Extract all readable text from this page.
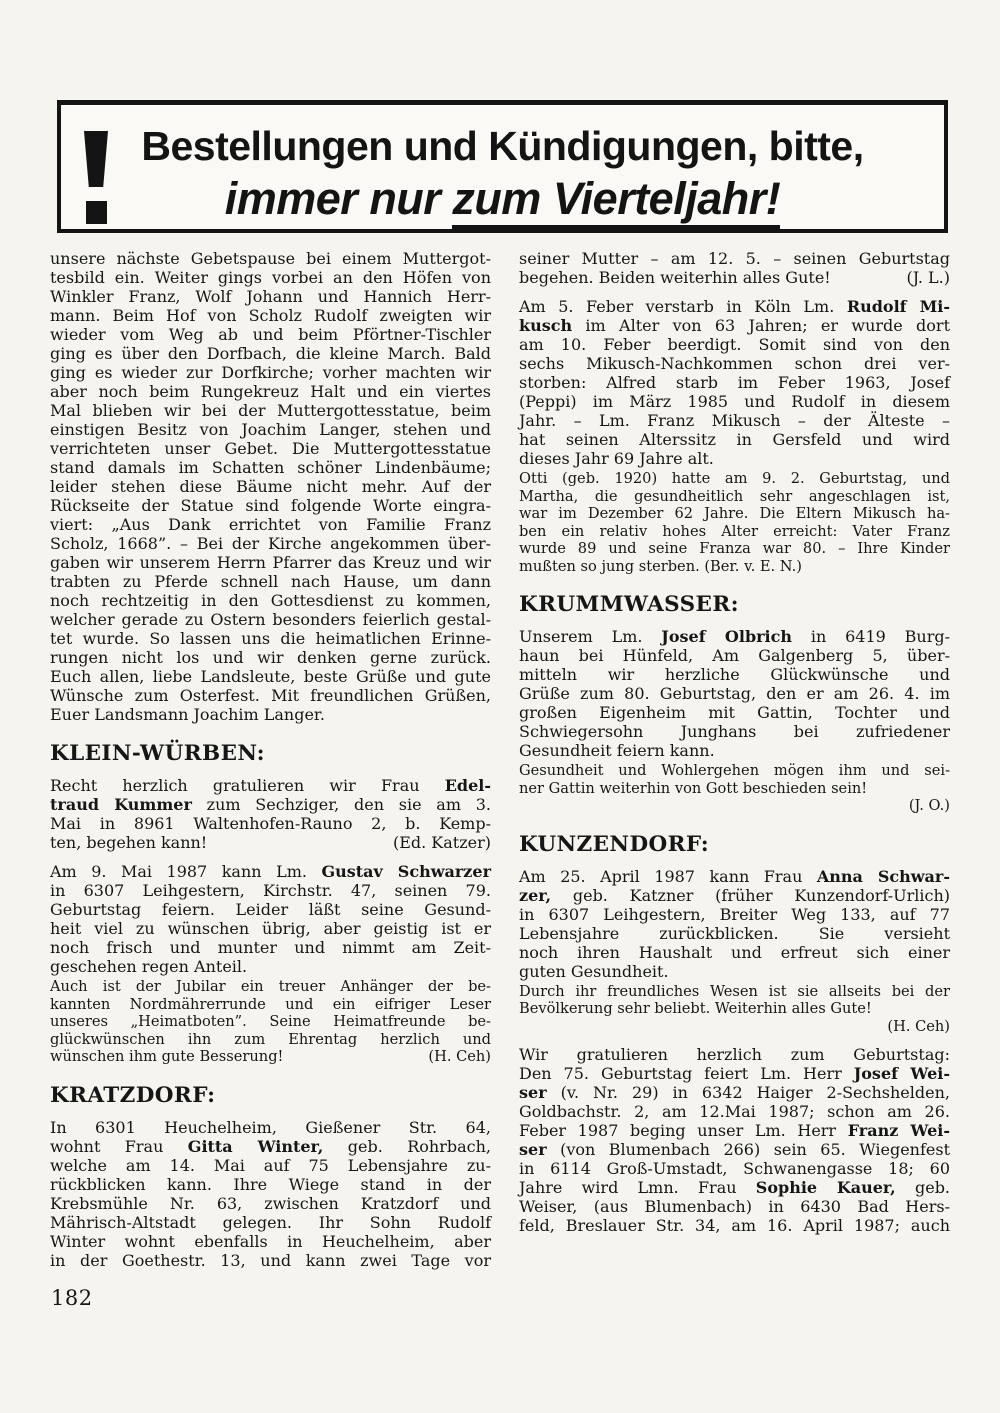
Bestellungen und Kündigungen, bitte,
immer nur zum Vierteljahr!
unsere nächste Gebetspause bei einem Muttergot-
tesbild ein. Weiter gings vorbei an den Höfen von
Winkler Franz, Wolf Johann und Hannich Herr-
mann. Beim Hof von Scholz Rudolf zweigten wir
wieder vom Weg ab und beim Pförtner-Tischler
ging es über den Dorfbach, die kleine March. Bald
ging es wieder zur Dorfkirche; vorher machten wir
aber noch beim Rungekreuz Halt und ein viertes
Mal blieben wir bei der Muttergottesstatue, beim
einstigen Besitz von Joachim Langer, stehen und
verrichteten unser Gebet. Die Muttergottesstatue
stand damals im Schatten schöner Lindenbäume;
leider stehen diese Bäume nicht mehr. Auf der
Rückseite der Statue sind folgende Worte eingra-
viert: „Aus Dank errichtet von Familie Franz
Scholz, 1668”. – Bei der Kirche angekommen über-
gaben wir unserem Herrn Pfarrer das Kreuz und wir
trabten zu Pferde schnell nach Hause, um dann
noch rechtzeitig in den Gottesdienst zu kommen,
welcher gerade zu Ostern besonders feierlich gestal-
tet wurde. So lassen uns die heimatlichen Erinne-
rungen nicht los und wir denken gerne zurück.
Euch allen, liebe Landsleute, beste Grüße und gute
Wünsche zum Osterfest. Mit freundlichen Grüßen,
Euer Landsmann Joachim Langer.
KLEIN-WÜRBEN:
Recht herzlich gratulieren wir Frau Edel-
traud Kummer zum Sechziger, den sie am 3.
Mai in 8961 Waltenhofen-Rauno 2, b. Kemp-
ten, begehen kann!	(Ed. Katzer)
Am 9. Mai 1987 kann Lm. Gustav Schwarzer
in 6307 Leihgestern, Kirchstr. 47, seinen 79.
Geburtstag feiern. Leider läßt seine Gesund-
heit viel zu wünschen übrig, aber geistig ist er
noch frisch und munter und nimmt am Zeit-
geschehen regen Anteil.
Auch ist der Jubilar ein treuer Anhänger der be-
kannten Nordmährerrunde und ein eifriger Leser
unseres „Heimatboten”. Seine Heimatfreunde be-
glückwünschen ihn zum Ehrentag herzlich und
wünschen ihm gute Besserung!	(H. Ceh)
KRATZDORF:
In 6301 Heuchelheim, Gießener Str. 64,
wohnt Frau Gitta Winter, geb. Rohrbach,
welche am 14. Mai auf 75 Lebensjahre zu-
rückblicken kann. Ihre Wiege stand in der
Krebsmühle Nr. 63, zwischen Kratzdorf und
Mährisch-Altstadt gelegen. Ihr Sohn Rudolf
Winter wohnt ebenfalls in Heuchelheim, aber
in der Goethestr. 13, und kann zwei Tage vor
seiner Mutter – am 12. 5. – seinen Geburtstag
begehen. Beiden weiterhin alles Gute!	(J. L.)
Am 5. Feber verstarb in Köln Lm. Rudolf Mi-
kusch im Alter von 63 Jahren; er wurde dort
am 10. Feber beerdigt. Somit sind von den
sechs Mikusch-Nachkommen schon drei ver-
storben: Alfred starb im Feber 1963, Josef
(Peppi) im März 1985 und Rudolf in diesem
Jahr. – Lm. Franz Mikusch – der Älteste –
hat seinen Alterssitz in Gersfeld und wird
dieses Jahr 69 Jahre alt.
Otti (geb. 1920) hatte am 9. 2. Geburtstag, und
Martha, die gesundheitlich sehr angeschlagen ist,
war im Dezember 62 Jahre. Die Eltern Mikusch ha-
ben ein relativ hohes Alter erreicht: Vater Franz
wurde 89 und seine Franza war 80. – Ihre Kinder
mußten so jung sterben. (Ber. v. E. N.)
KRUMMWASSER:
Unserem Lm. Josef Olbrich in 6419 Burg-
haun bei Hünfeld, Am Galgenberg 5, über-
mitteln wir herzliche Glückwünsche und
Grüße zum 80. Geburtstag, den er am 26. 4. im
großen Eigenheim mit Gattin, Tochter und
Schwiegersohn Junghans bei zufriedener
Gesundheit feiern kann.
Gesundheit und Wohlergehen mögen ihm und sei-
ner Gattin weiterhin von Gott beschieden sein!
(J. O.)
KUNZENDORF:
Am 25. April 1987 kann Frau Anna Schwar-
zer, geb. Katzner (früher Kunzendorf-Urlich)
in 6307 Leihgestern, Breiter Weg 133, auf 77
Lebensjahre zurückblicken. Sie versieht
noch ihren Haushalt und erfreut sich einer
guten Gesundheit.
Durch ihr freundliches Wesen ist sie allseits bei der
Bevölkerung sehr beliebt. Weiterhin alles Gute!
(H. Ceh)
Wir gratulieren herzlich zum Geburtstag:
Den 75. Geburtstag feiert Lm. Herr Josef Wei-
ser (v. Nr. 29) in 6342 Haiger 2-Sechshelden,
Goldbachstr. 2, am 12.Mai 1987; schon am 26.
Feber 1987 beging unser Lm. Herr Franz Wei-
ser (von Blumenbach 266) sein 65. Wiegenfest
in 6114 Groß-Umstadt, Schwanengasse 18; 60
Jahre wird Lmn. Frau Sophie Kauer, geb.
Weiser, (aus Blumenbach) in 6430 Bad Hers-
feld, Breslauer Str. 34, am 16. April 1987; auch
182
